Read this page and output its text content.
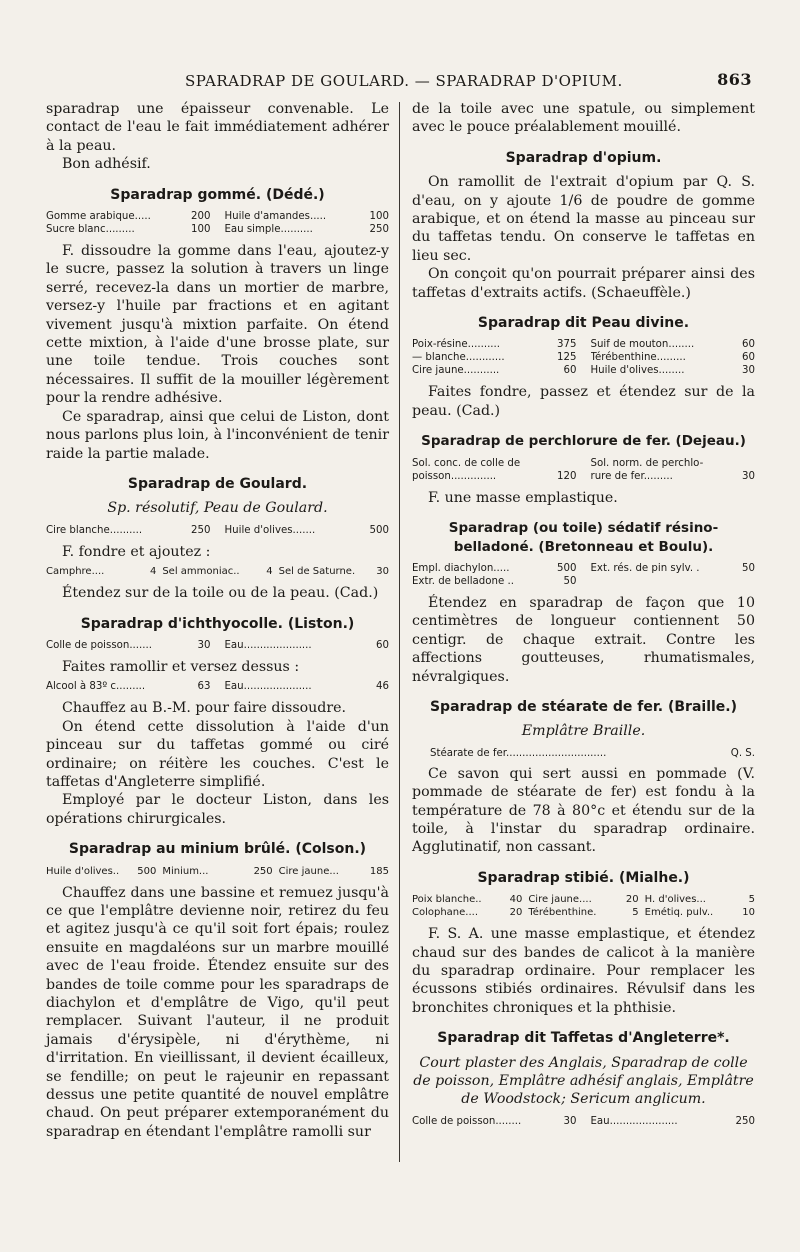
SPARADRAP DE GOULARD. — SPARADRAP D'OPIUM.	863

sparadrap une épaisseur convenable. Le contact de l'eau le fait immédiatement adhérer à la peau.

Bon adhésif.

Sparadrap gommé. (Dédé.)
Gomme arabique.....	200 Huile d'amandes.....	100
Sucre blanc.........	100 Eau simple..........	250

F. dissoudre la gomme dans l'eau, ajoutez-y le sucre, passez la solution à travers un linge serré, recevez-la dans un mortier de marbre, versez-y l'huile par fractions et en agitant vivement jusqu'à mixtion parfaite. On étend cette mixtion, à l'aide d'une brosse plate, sur une toile tendue. Trois couches sont nécessaires. Il suffit de la mouiller légèrement pour la rendre adhésive.

Ce sparadrap, ainsi que celui de Liston, dont nous parlons plus loin, à l'inconvénient de tenir raide la partie malade.

Sparadrap de Goulard.
Sp. résolutif, Peau de Goulard.
Cire blanche..........	250 Huile d'olives.......	500

F. fondre et ajoutez :

Camphre....	4 Sel ammoniac..	4 Sel de Saturne.	30

Étendez sur de la toile ou de la peau. (Cad.)

Sparadrap d'ichthyocolle. (Liston.)
Colle de poisson.......	30 Eau.....................	60

Faites ramollir et versez dessus :

Alcool à 83º c.........	63 Eau.....................	46

Chauffez au B.-M. pour faire dissoudre.

On étend cette dissolution à l'aide d'un pinceau sur du taffetas gommé ou ciré ordinaire; on réitère les couches. C'est le taffetas d'Angleterre simplifié.

Employé par le docteur Liston, dans les opérations chirurgicales.

Sparadrap au minium brûlé. (Colson.)
Huile d'olives..	500 Minium...	250 Cire jaune...	185

Chauffez dans une bassine et remuez jusqu'à ce que l'emplâtre devienne noir, retirez du feu et agitez jusqu'à ce qu'il soit fort épais; roulez ensuite en magdaléons sur un marbre mouillé avec de l'eau froide. Étendez ensuite sur des bandes de toile comme pour les sparadraps de diachylon et d'emplâtre de Vigo, qu'il peut remplacer. Suivant l'auteur, il ne produit jamais d'érysipèle, ni d'érythème, ni d'irritation. En vieillissant, il devient écailleux, se fendille; on peut le rajeunir en repassant dessus une petite quantité de nouvel emplâtre chaud. On peut préparer extemporanément du sparadrap en étendant l'emplâtre ramolli sur

de la toile avec une spatule, ou simplement avec le pouce préalablement mouillé.

Sparadrap d'opium.

On ramollit de l'extrait d'opium par Q. S. d'eau, on y ajoute 1/6 de poudre de gomme arabique, et on étend la masse au pinceau sur du taffetas tendu. On conserve le taffetas en lieu sec.

On conçoit qu'on pourrait préparer ainsi des taffetas d'extraits actifs. (Schaeuffèle.)

Sparadrap dit Peau divine.
Poix-résine..........	375 Suif de mouton........	60
— blanche............	125 Térébenthine.........	60
Cire jaune...........	60 Huile d'olives........	30

Faites fondre, passez et étendez sur de la peau. (Cad.)

Sparadrap de perchlorure de fer. (Dejeau.)
Sol. conc. de colle de	Sol. norm. de perchlo-
poisson..............	120 rure de fer.........	30

F. une masse emplastique.

Sparadrap (ou toile) sédatif résino-belladoné. (Bretonneau et Boulu).
Empl. diachylon.....	500 Ext. rés. de pin sylv. .	50
Extr. de belladone ..	50

Étendez en sparadrap de façon que 10 centimètres de longueur contiennent 50 centigr. de chaque extrait. Contre les affections goutteuses, rhumatismales, névralgiques.

Sparadrap de stéarate de fer. (Braille.)
Emplâtre Braille.
Stéarate de fer...............................	Q. S.

Ce savon qui sert aussi en pommade (V. pommade de stéarate de fer) est fondu à la température de 78 à 80°c et étendu sur de la toile, à l'instar du sparadrap ordinaire. Agglutinatif, non cassant.

Sparadrap stibié. (Mialhe.)
Poix blanche..	40 Cire jaune....	20 H. d'olives...	5
Colophane....	20 Térébenthine.	5 Emétiq. pulv..	10

F. S. A. une masse emplastique, et étendez chaud sur des bandes de calicot à la manière du sparadrap ordinaire. Pour remplacer les écussons stibiés ordinaires. Révulsif dans les bronchites chroniques et la phthisie.

Sparadrap dit Taffetas d'Angleterre*.
Court plaster des Anglais, Sparadrap de colle de poisson, Emplâtre adhésif anglais, Emplâtre de Woodstock; Sericum anglicum.
Colle de poisson........	30 Eau.....................	250
